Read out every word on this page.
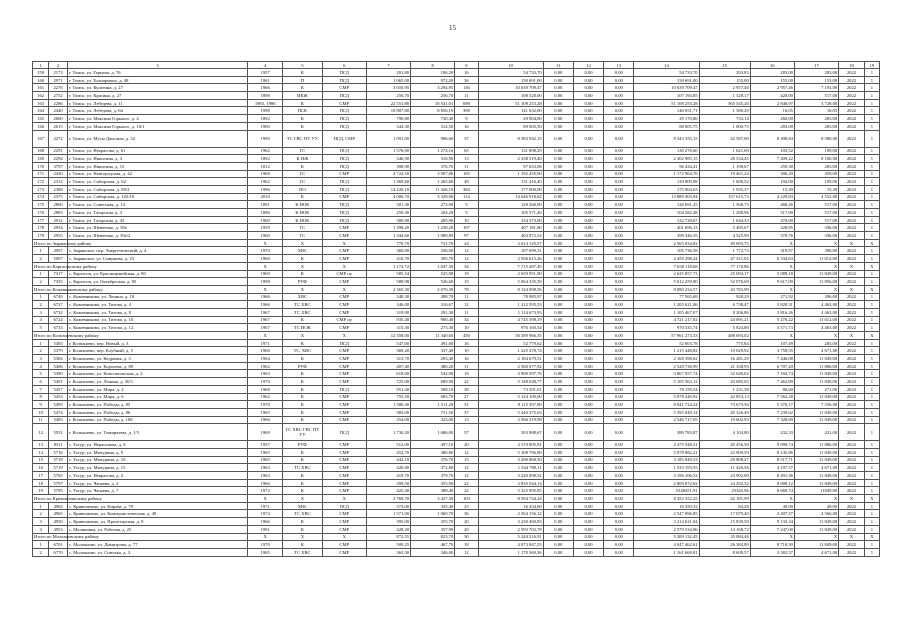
15
1	2	3	4	5	6	7	8	9	10	11	12	13	14	15	16	17	18	19
159	2173	г. Томск, ул. Герцена, д. 76	1957	К	ПСД	201,80	186,20	16	54 733,70	0,00	0,00	0,00	54 733,70	293,83	283,00	283,00	2022	1
160	2971	г. Томск, ул. Елизаровых, д. 48	1961	П	ПСД	1 065,00	972,20	36	150 691,00	0,00	0,00	0,00	150 691,00	155,00	155,00	155,00	2022	1
161	2276	г. Томск, ул. Кулагина, д. 27	1966	К	СМР	3 650,95	3 294,95	136	10 639 709,47	0,00	0,00	0,00	10 639 709,47	2 957,46	2 957,46	7 193,00	2022	1
162	2752	г. Томск, ул. Красина, д. 27	1898	ИКЖ	ПСД	256,70	256,70	11	108 528,00	0,00	0,00	0,00	107 194,85	1 328,17	420,00	517,00	2022	1
163	2286	г. Томск, ул. Лебедева, д. 11	1983, 1986	К	СМР	22 551,80	18 541,01	698	51 108 253,28	0,00	0,00	0,00	51 108 253,28	565 545,20	2 846,97	3 728,00	2022	1
164	2440	г. Томск, ул. Лебедева, д. 64	1998	ПСК	ПСД	10 807,80	8 856,19	398	141 632,00	0,00	0,00	0,00	140 051,71	1 580,29	16,05	16,05	2022	1
165	2600	г. Томск, ул. Максима Горького, д. 4	1892	К	ПСД	790,80	730,40	9	29 904,00	0,00	0,00	0,00	29 170,86	733,14	260,00	283,00	2022	1
166	2615	г. Томск, ул. Максима Горького, д. 16/1	1900	К	ПСД	344,30	314,50	16	89 005,50	0,00	0,00	0,00	88 005,75	1 000,75	283,00	283,00	2022	1
167	2272	г. Томск, ул. Мусы Джалиля, д. 32	1990	ТС ГВС ПУ УУ	ПСД, СМР	1 091,00	986,60	37	8 383 942,15	0,00	0,00	0,00	8 343 355,15	42 587,00	8 498,84	8 580,00	2022	1
168	2291	г. Томск, ул. Некрасова, д. 61	1962	ГС	ПСД	1 576,00	1 274,16	65	131 898,29	0,00	0,00	0,00	130 276,60	1 621,69	103,52	109,00	2022	1
169	2294	г. Томск, ул. Никитина, д. 3	1892	К ИЖ	ПСД	346,90	316,90	13	2 338 519,40	0,00	0,00	0,00	2 302 985,15	28 534,45	7 409,22	8 160,00	2022	1
170	3797	г. Томск, ул. Никитина, д. 15	1812	К	ПСД	398,90	376,70	11	97 653,08	0,00	0,00	0,00	96 434,41	1 198,67	259,38	283,00	2022	1
171	2430	г. Томск, ул. Новгородская, д. 42	1968	ГС	СМР	4 724,50	3 907,06	105	1 192 435,00	0,00	0,00	0,00	1 172 964,76	19 461,24	306,20	459,00	2022	1
172	2312	г. Томск, ул. Сибирская, д. 62	1962	ГС	ПСД	1 369,60	1 265,60	49	131 416,40	0,00	0,00	0,00	129 809,88	1 606,52	104,00	109,00	2022	1
173	2388	г. Томск, ул. Сибирская, д. 89/2	1996	ПО	ПСД	14 226,18	11 426,18	384	177 000,00	0,00	0,00	0,00	175 064,63	1 935,37	15,49	15,49	2022	1
174	2375	г. Томск, ул. Сибирская, д. 102/10	2010	К	СМР	4 006,70	3 329,90	114	14 046 918,62	0,00	0,00	0,00	13 889 303,94	157 615,73	4 229,83	4 552,00	2022	1
175	2860	г. Томск, ул. Советская, д. 14	1891	К ИОК	ПСД	501,30	273,90	9	128 260,00	0,00	0,00	0,00	126 691,25	1 568,75	468,26	517,00	2022	1
176	2883	г. Томск, ул. Татарская, д. 3	1896	К ИОК	ПСД	259,30	204,20	9	105 571,40	0,00	0,00	0,00	104 282,48	1 288,96	517,00	517,00	2022	1
177	2912	г. Томск, ул. Татарская, д. 45	1900	К ИОК	ПСД	300,90	285,90	10	134 373,00	0,00	0,00	0,00	132 728,67	1 644,33	470,00	517,00	2022	1
178	2954	г. Томск, ул. Шевченко, д. 39а	1959	ГС	СМР	1 398,20	1 238,20	107	407 181,80	0,00	0,00	0,00	401 696,13	5 485,67	328,85	336,00	2022	1
179	2955	г. Томск, ул. Шевченко, д. 39а/2	1960	ГС	СМР	1 344,60	1 089,89	97	403 872,54	0,00	0,00	0,00	399 346,55	4 525,99	370,76	336,00	2022	1
Итого по Зырянскому району			X	X	X	770,70	731,70	24	2 614 125,57	0,00	0,00	0,00	2 565 034,82	49 093,75	X	X	X	X
1	4097	с. Зырянское, пер. Энергетический, д. 4	1970	ХВС	СМР	360,00	336,00	12	107 699,31	0,00	0,00	0,00	105 736,58	1 772,73	319,97	396,00	2022	1
2	5007	с. Зырянское, ул. Смирнова, д. 23	1960	К	СМР	410,70	395,70	12	2 506 615,26	0,00	0,00	0,00	2 459 298,24	47 321,02	6 334,63	11 012,00	2022	1
Итого по Каргасокскому району			X	X	X	1 174,72	1 047,30	34	7 715 287,49	0,00	0,00	0,00	7 658 118,68	77 170,86	X	X	X	X
1	7317	с. Каргасок, ул. Красноармейская, д. 80	1969	К	СМР пу	585,54	525,90	19	2 659 951,90	0,00	0,00	0,00	2 625 857,73	25 094,17	5 089,18	11 849,00	2022	1
2	7335	с. Каргасок, ул. Октябрьская, д. 85	1998	РУФ	СМР	589,98	526,60	15	5 064 335,59	0,00	0,00	0,00	5 012 259,90	52 076,69	9 617,09	11 856,00	2022	1
Итого по Кожевниковскому району			X	X	X	2 365,30	2 070,30	78	8 124 098,56	0,00	0,00	0,00	8 080 234,57	43 783,99	X	X	X	X
1	6749	с. Кожевниково, ул. Ленина, д. 18	1966	ХВС	СМР	348,30	288,70	11	78 985,97	0,00	0,00	0,00	77 565,69	920,29	271,92	396,00	2022	1
2	6727	с. Кожевниково, ул. Титова, д. 4	1966	ТС ХВС	СМР	346,00	316,67	12	1 212 595,53	0,00	0,00	0,00	1 205 621,06	6 738,47	3 829,31	4 463,00	2022	1
3	6732	с. Кожевниково, ул. Титова, д. 8	1967	ТС ХВС	СМР	319,90	291,30	11	1 114 673,93	0,00	0,00	0,00	1 105 467,07	8 206,86	3 816,26	4 463,00	2022	1
4	6724	с. Кожевниково, ул. Титова, д. 10	1967	К	СМР пу	935,40	900,40	34	4 745 398,19	0,00	0,00	0,00	4 721 217,02	24 091,21	5 270,22	11 012,00	2022	1
5	6733	с. Кожевниково, ул. Титова, д. 12	1967	ТС ИОК	СМР	315,30	273,30	10	976 160,54	0,00	0,00	0,00	970 335,74	5 824,80	3 571,73	4 463,00	2022	1
Итого по Колпашевскому району			X	X	X	12 358,00	11 340,60	450	58 589 966,35	0,00	0,00	0,00	57 961 273,33	488 693,02	X	X	X	X
1	5383	г. Колпашево, пер. Новый, д. 3	1971	К	ПСД	547,00	491,00	16	52 779,62	0,00	0,00	0,00	52 003,78	775,84	107,49	283,00	2022	1
2	5379	г. Колпашево, пер. Клубный, д. 5	1966	ТС, ХВС	СМР	369,20	337,40	10	1 225 478,74	0,00	0,00	0,00	1 215 448,82	10 029,92	3 758,55	4 671,00	2022	1
3	5384	г. Колпашево, ул. Кедровая, д. 3	1964	К	СМР	313,70	293,40	16	2 184 679,51	0,00	0,00	0,00	2 168 398,02	16 281,29	7 446,08	11 849,00	2022	1
4	5406	г. Колпашево, ул. Королева, д. 89	1962	РУФ	СМР	407,40	380,20	11	2 560 077,92	0,00	0,00	0,00	2 528 738,99	21 338,93	6 707,20	11 886,00	2022	1
5	5390	г. Колпашево, ул. Комсомольская, д. 2	1963	К	СМР	618,00	542,90	19	3 900 597,76	0,00	0,00	0,00	3 867 957,74	32 640,02	7 184,74	11 849,00	2022	1
6	5401	г. Колпашево, ул. Ленина, д. 30/1	1970	К	СМР	725,00	689,90	22	5 148 648,77	0,00	0,00	0,00	5 105 563,12	43 085,65	7 462,89	11 849,00	2022	1
7	5457	г. Колпашево, ул. Мира, д. 2	1968	К	ПСД	951,40	508,10	38	73 391,61	0,00	0,00	0,00	78 159,54	1 231,58	80,60	271,00	2022	1
8	5453	г. Колпашево, ул. Мира, д. 6	1962	К	СМР	755,50	685,70	27	5 124 100,00	0,00	0,00	0,00	5 078 246,92	42 853,13	7 562,28	11 849,00	2022	1
9	5495	г. Колпашево, ул. Победы, д. 85	1970	К	СМР	1 580,30	1 511,20	51	8 115 397,80	0,00	0,00	0,00	8 041 724,24	73 673,56	5 370,17	7 556,00	2022	1
10	5474	г. Колпашево, ул. Победы, д. 86	1965	К	СМР	983,00	751,50	37	5 440 375,63	0,00	0,00	0,00	5 395 049,14	45 326,49	7 239,62	11 849,00	2022	1
11	5483	г. Колпашево, ул. Победы, д. 108	1966	К	СМР	354,00	323,00	13	2 566 319,98	0,00	0,00	0,00	2 546 717,05	19 602,93	7 328,69	11 849,00	2022	1
12	5551	г. Колпашево, ул. Тимирязева, д. 1/5	1969	ТС ХВС ГВС ПУ УУ	ПСД	1 730,20	1 686,00	57	393 888,67	0,00	0,00	0,00	389 783,87	4 104,80	232,33	421,00	2022	1
13	8311	с. Тогур, ул. Нерасонова, д. 8	1957	РУФ	СМР	512,00	497,10	20	4 519 005,81	0,00	0,00	0,00	4 475 548,31	45 456,50	9 090,74	11 886,00	2022	1
14	5716	с. Тогур, ул. Мичурина, д. 9	1965	К	СМР	452,70	380,80	12	5 108 796,80	0,00	0,00	0,00	5 078 882,21	22 909,59	8 145,86	11 849,00	2022	1
15	5718	с. Тогур, ул. Мичурина, д. 10	1965	К	СМР	442,10	376,70	15	3 206 868,30	0,00	0,00	0,00	3 185 049,53	29 808,27	8 517,71	11 849,00	2022	1
16	5719	с. Тогур, ул. Мичурина, д. 15	1963	ТС ХВС	СМР	426,00	372,80	12	1 544 780,11	0,00	0,00	0,00	1 533 193,55	11 426,56	4 197,57	4 671,00	2022	1
17	5765	с. Тогур, ул. Некрасова, д. 2	1963	К	СМР	419,70	379,70	12	3 220 098,52	0,00	0,00	0,00	3 196 106,52	23 992,00	8 491,36	11 849,00	2022	1
18	5797	с. Тогур, ул. Чапаева, д. 2	1966	К	СМР	399,50	355,90	22	2 835 544,14	0,00	0,00	0,00	2 809 072,62	24 292,52	8 008,12	11 849,00	2022	1
19	5795	с. Тогур, ул. Чапаева, д. 7	1972	К	СМР	425,40	389,40	22	5 325 995,85	0,00	0,00	0,00	5348451,91	25345,96	8 669,74	11849,00	2022	1
Итого по Кривошеинскому району			X	X	X	3 769,70	3 427,30	103	8 394 734,24	0,00	0,00	0,00	8 352 552,25	42 181,99	X	X	X	X
1	4962	с. Кривошеино, ул. Кирова, д. 79	1971	ХВС	ПСД	373,00	335,40	25	16 434,60	0,00	0,00	0,00	16 350,32	84,28	49,00	49,00	2022	1
2	4965	с. Кривошеино, ул. Коммунистическая, д. 49	1974	ТС ХВС	СМР	1 571,00	1 060,70	36	2 564 156,12	0,00	0,00	0,00	2 547 096,85	17 079,40	2 407,57	4 566,00	2022	1
3	4950	с. Кривошеино, ул. Пролетарская, д. 8	1966	К	СМР	395,00	355,70	20	3 230 460,83	0,00	0,00	0,00	3 214 621,04	15 839,50	9 133,34	11 849,00	2022	1
4	4953	с. Малиновка, ул. Рабочая, д. 25	1991	К	СМР	428,20	357,90	20	2 593 702,78	0,00	0,00	0,00	2 579 534,06	14 168,72	7 247,00	11 849,00	2022	1
Итого по Молчановскому району			X	X	X	872,55	823,70	30	5 244 216,91	0,00	0,00	0,00	5 209 132,45	35 084,46	X	X	X	X
1	6701	с. Молчаново, ул. Димитрова, д. 77	1970	К	СМР	509,25	467,70	18	4 073 847,55	0,00	0,00	0,00	4 047 462,61	26 384,89	8 710,39	11 849,00	2022	1
2	6770	с. Молчаново, ул. Спичака, д. 3	1965	ТС ХВС	СМР	363,30	346,00	12	1 170 369,36	0,00	0,00	0,00	1 161 669,81	8 699,57	3 382,57	4 671,00	2022	1
